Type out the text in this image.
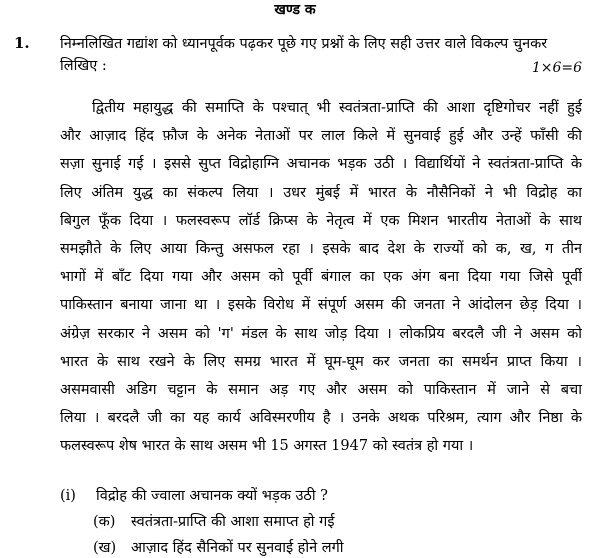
खण्ड क
1. निम्नलिखित गद्यांश को ध्यानपूर्वक पढ़कर पूछे गए प्रश्नों के लिए सही उत्तर वाले विकल्प चुनकर लिखिए :	1×6=6
द्वितीय महायुद्ध की समाप्ति के पश्चात् भी स्वतंत्रता-प्राप्ति की आशा दृष्टिगोचर नहीं हुई
और आज़ाद हिंद फ़ौज के अनेक नेताओं पर लाल किले में सुनवाई हुई और उन्हें फाँसी की
सज़ा सुनाई गई । इससे सुप्त विद्रोहाग्नि अचानक भड़क उठी । विद्यार्थियों ने स्वतंत्रता-प्राप्ति के
लिए अंतिम युद्ध का संकल्प लिया । उधर मुंबई में भारत के नौसैनिकों ने भी विद्रोह का
बिगुल फूँक दिया । फलस्वरूप लॉर्ड क्रिप्स के नेतृत्व में एक मिशन भारतीय नेताओं के साथ
समझौते के लिए आया किन्तु असफल रहा । इसके बाद देश के राज्यों को क, ख, ग तीन
भागों में बाँट दिया गया और असम को पूर्वी बंगाल का एक अंग बना दिया गया जिसे पूर्वी
पाकिस्तान बनाया जाना था । इसके विरोध में संपूर्ण असम की जनता ने आंदोलन छेड़ दिया ।
अंग्रेज़ सरकार ने असम को 'ग' मंडल के साथ जोड़ दिया । लोकप्रिय बरदलै जी ने असम को
भारत के साथ रखने के लिए समग्र भारत में घूम-घूम कर जनता का समर्थन प्राप्त किया ।
असमवासी अडिग चट्टान के समान अड़ गए और असम को पाकिस्तान में जाने से बचा
लिया । बरदलै जी का यह कार्य अविस्मरणीय है । उनके अथक परिश्रम, त्याग और निष्ठा के
फलस्वरूप शेष भारत के साथ असम भी 15 अगस्त 1947 को स्वतंत्र हो गया ।
(i) विद्रोह की ज्वाला अचानक क्यों भड़क उठी ?
(क) स्वतंत्रता-प्राप्ति की आशा समाप्त हो गई
(ख) आज़ाद हिंद सैनिकों पर सुनवाई होने लगी
